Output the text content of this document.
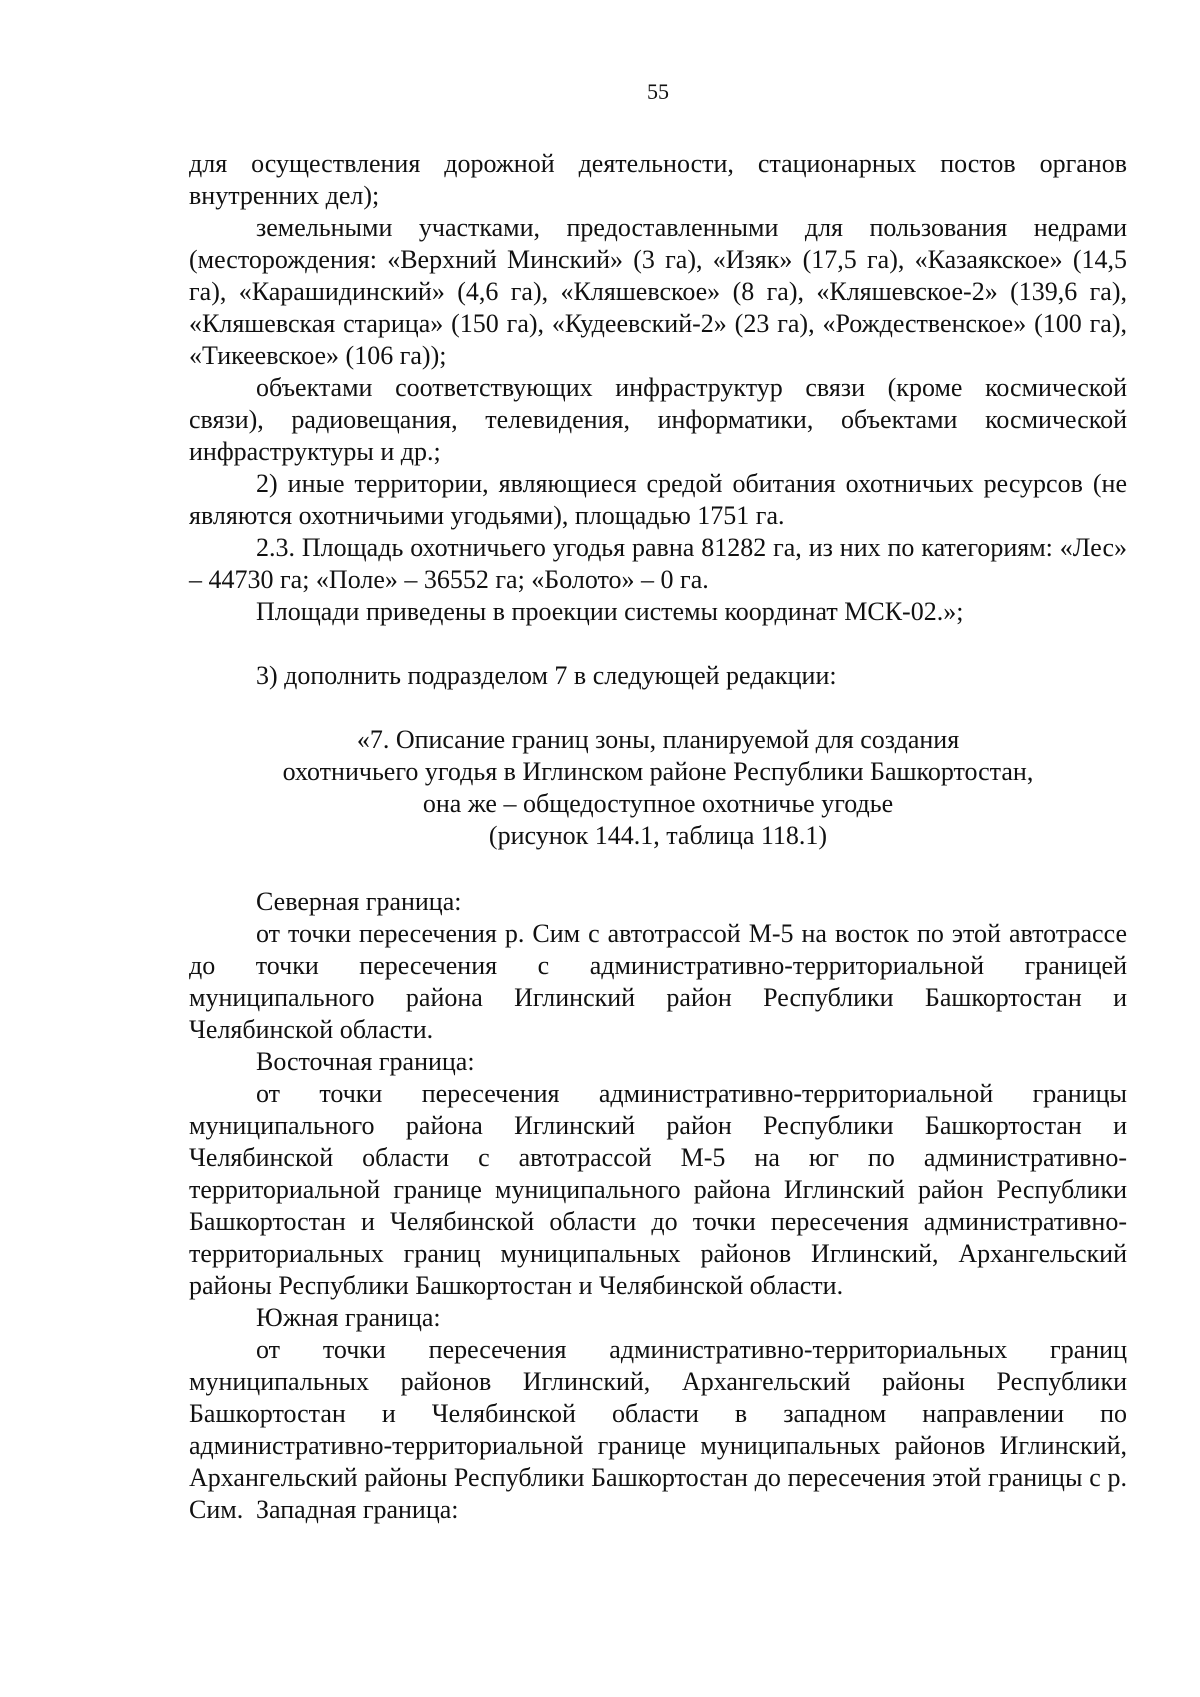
55

для осуществления дорожной деятельности, стационарных постов органов внутренних дел);

земельными участками, предоставленными для пользования недрами (месторождения: «Верхний Минский» (3 га), «Изяк» (17,5 га), «Казаякское» (14,5 га), «Карашидинский» (4,6 га), «Кляшевское» (8 га), «Кляшевское-2» (139,6 га), «Кляшевская старица» (150 га), «Кудеевский-2» (23 га), «Рождественское» (100 га), «Тикеевское» (106 га));

объектами соответствующих инфраструктур связи (кроме космической связи), радиовещания, телевидения, информатики, объектами космической инфраструктуры и др.;

2) иные территории, являющиеся средой обитания охотничьих ресурсов (не являются охотничьими угодьями), площадью 1751 га.

2.3. Площадь охотничьего угодья равна 81282 га, из них по категориям: «Лес» – 44730 га; «Поле» – 36552 га; «Болото» – 0 га.

Площади приведены в проекции системы координат МСК-02.»;

3) дополнить подразделом 7 в следующей редакции:

«7. Описание границ зоны, планируемой для создания

охотничьего угодья в Иглинском районе Республики Башкортостан,

она же – общедоступное охотничье угодье

(рисунок 144.1, таблица 118.1)

Северная граница:

от точки пересечения р. Сим с автотрассой М-5 на восток по этой автотрассе до точки пересечения с административно-территориальной границей муниципального района Иглинский район Республики Башкортостан и Челябинской области.

Восточная граница:

от точки пересечения административно-территориальной границы муниципального района Иглинский район Республики Башкортостан и Челябинской области с автотрассой М-5 на юг по административно-территориальной границе муниципального района Иглинский район Республики Башкортостан и Челябинской области до точки пересечения административно-территориальных границ муниципальных районов Иглинский, Архангельский районы Республики Башкортостан и Челябинской области.

Южная граница:

от точки пересечения административно-территориальных границ муниципальных районов Иглинский, Архангельский районы Республики Башкортостан и Челябинской области в западном направлении по административно-территориальной границе муниципальных районов Иглинский, Архангельский районы Республики Башкортостан до пересечения этой границы с р. Сим. Западная граница:
